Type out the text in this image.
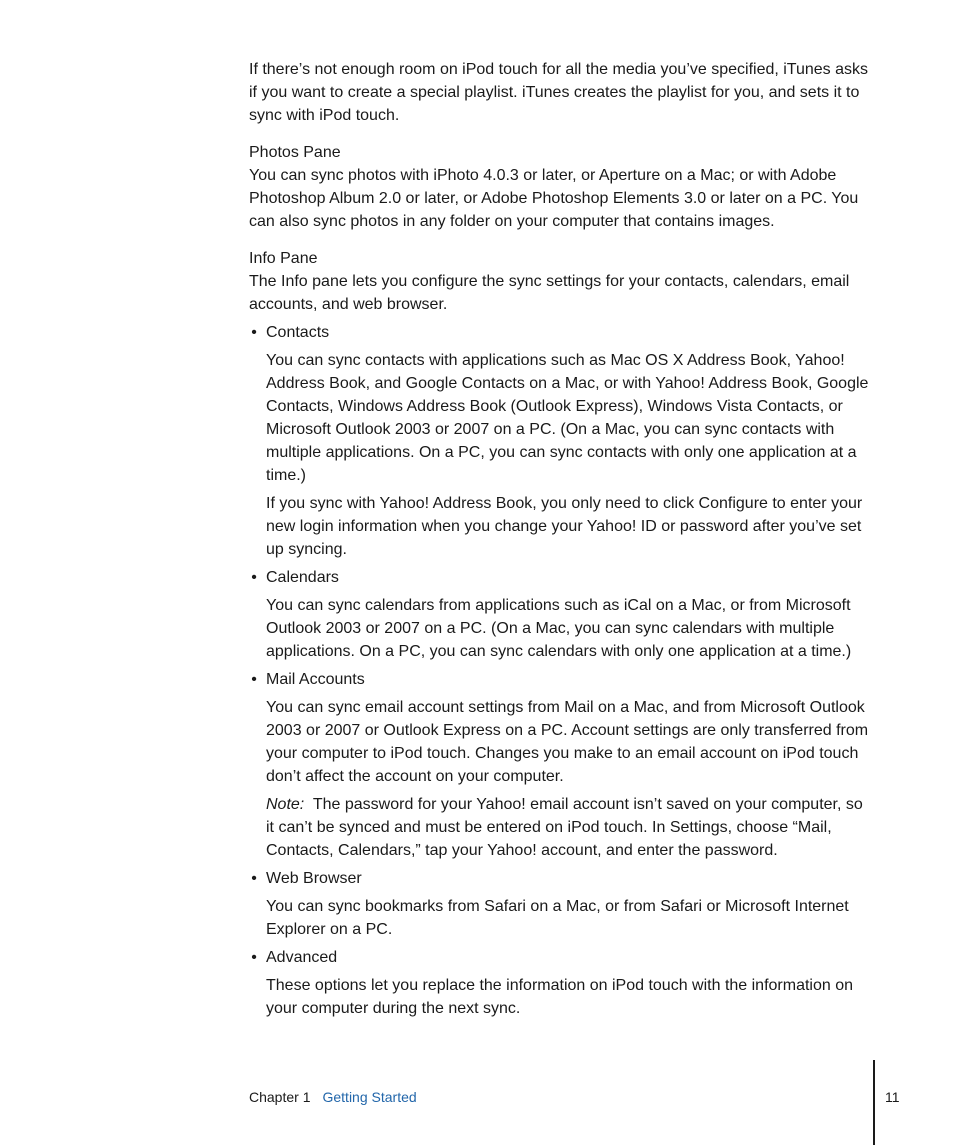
If there’s not enough room on iPod touch for all the media you’ve specified, iTunes asks if you want to create a special playlist. iTunes creates the playlist for you, and sets it to sync with iPod touch.

Photos Pane

You can sync photos with iPhoto 4.0.3 or later, or Aperture on a Mac; or with Adobe Photoshop Album 2.0 or later, or Adobe Photoshop Elements 3.0 or later on a PC. You can also sync photos in any folder on your computer that contains images.

Info Pane

The Info pane lets you configure the sync settings for your contacts, calendars, email accounts, and web browser.

• Contacts

You can sync contacts with applications such as Mac OS X Address Book, Yahoo! Address Book, and Google Contacts on a Mac, or with Yahoo! Address Book, Google Contacts, Windows Address Book (Outlook Express), Windows Vista Contacts, or Microsoft Outlook 2003 or 2007 on a PC. (On a Mac, you can sync contacts with multiple applications. On a PC, you can sync contacts with only one application at a time.)

If you sync with Yahoo! Address Book, you only need to click Configure to enter your new login information when you change your Yahoo! ID or password after you’ve set up syncing.

• Calendars

You can sync calendars from applications such as iCal on a Mac, or from Microsoft Outlook 2003 or 2007 on a PC. (On a Mac, you can sync calendars with multiple applications. On a PC, you can sync calendars with only one application at a time.)

• Mail Accounts

You can sync email account settings from Mail on a Mac, and from Microsoft Outlook 2003 or 2007 or Outlook Express on a PC. Account settings are only transferred from your computer to iPod touch. Changes you make to an email account on iPod touch don’t affect the account on your computer.

Note: The password for your Yahoo! email account isn’t saved on your computer, so it can’t be synced and must be entered on iPod touch. In Settings, choose “Mail, Contacts, Calendars,” tap your Yahoo! account, and enter the password.

• Web Browser

You can sync bookmarks from Safari on a Mac, or from Safari or Microsoft Internet Explorer on a PC.

• Advanced

These options let you replace the information on iPod touch with the information on your computer during the next sync.

Chapter 1 Getting Started	11
